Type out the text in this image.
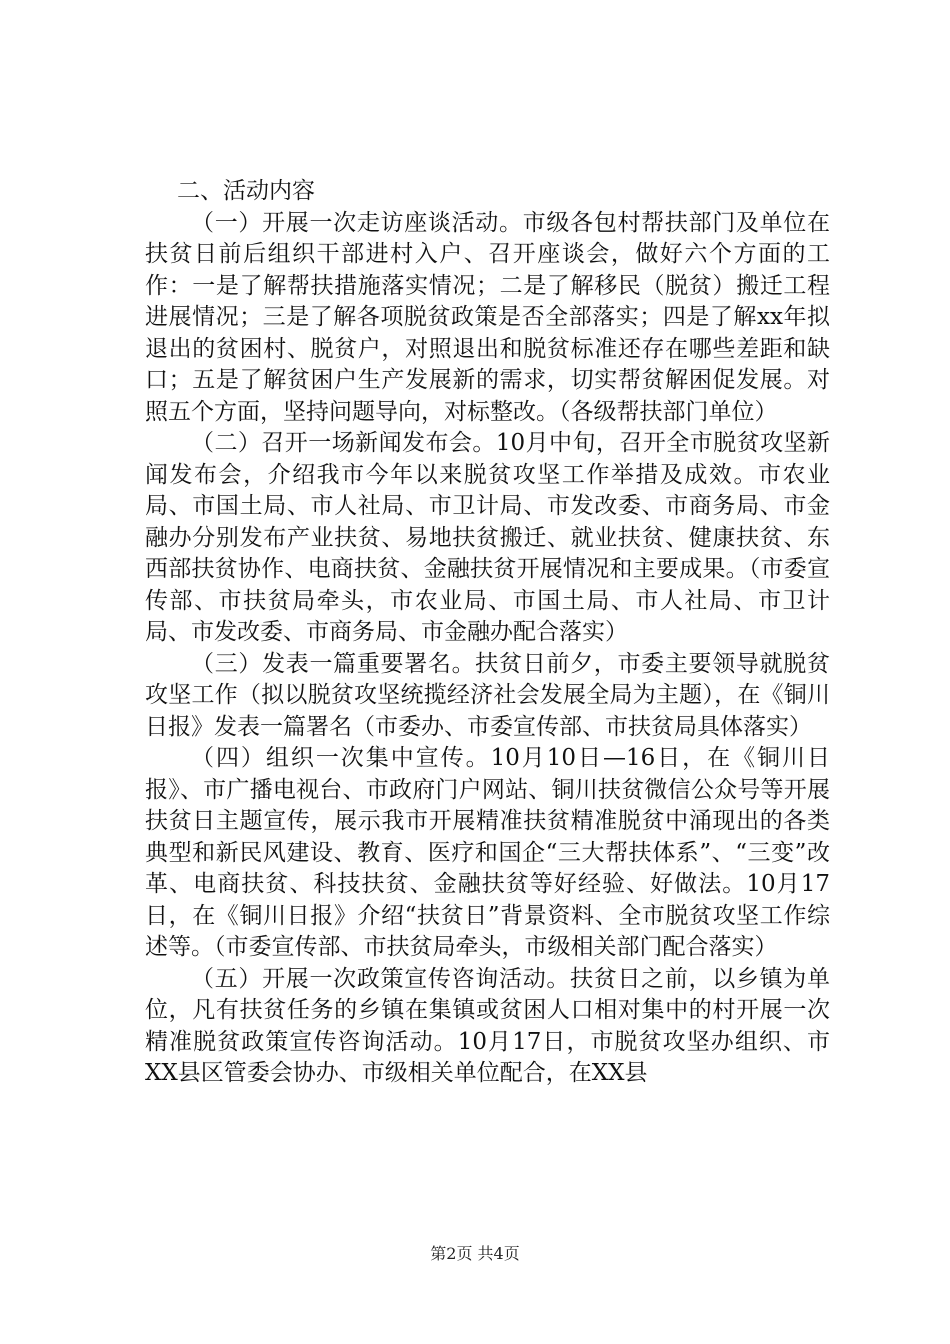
二、活动内容

（一）开展一次走访座谈活动。市级各包村帮扶部门及单位在扶贫日前后组织干部进村入户、召开座谈会，做好六个方面的工作：一是了解帮扶措施落实情况；二是了解移民（脱贫）搬迁工程进展情况；三是了解各项脱贫政策是否全部落实；四是了解xx年拟退出的贫困村、脱贫户，对照退出和脱贫标准还存在哪些差距和缺口；五是了解贫困户生产发展新的需求，切实帮贫解困促发展。对照五个方面，坚持问题导向，对标整改。（各级帮扶部门单位）

（二）召开一场新闻发布会。10月中旬，召开全市脱贫攻坚新闻发布会，介绍我市今年以来脱贫攻坚工作举措及成效。市农业局、市国土局、市人社局、市卫计局、市发改委、市商务局、市金融办分别发布产业扶贫、易地扶贫搬迁、就业扶贫、健康扶贫、东西部扶贫协作、电商扶贫、金融扶贫开展情况和主要成果。（市委宣传部、市扶贫局牵头，市农业局、市国土局、市人社局、市卫计局、市发改委、市商务局、市金融办配合落实）

（三）发表一篇重要署名。扶贫日前夕，市委主要领导就脱贫攻坚工作（拟以脱贫攻坚统揽经济社会发展全局为主题），在《铜川日报》发表一篇署名（市委办、市委宣传部、市扶贫局具体落实）

（四）组织一次集中宣传。10月10日—16日，在《铜川日报》、市广播电视台、市政府门户网站、铜川扶贫微信公众号等开展扶贫日主题宣传，展示我市开展精准扶贫精准脱贫中涌现出的各类典型和新民风建设、教育、医疗和国企“三大帮扶体系”、“三变”改革、电商扶贫、科技扶贫、金融扶贫等好经验、好做法。10月17日，在《铜川日报》介绍“扶贫日”背景资料、全市脱贫攻坚工作综述等。（市委宣传部、市扶贫局牵头，市级相关部门配合落实）

（五）开展一次政策宣传咨询活动。扶贫日之前，以乡镇为单位，凡有扶贫任务的乡镇在集镇或贫困人口相对集中的村开展一次精准脱贫政策宣传咨询活动。10月17日，市脱贫攻坚办组织、市XX县区管委会协办、市级相关单位配合，在XX县

第2页 共4页
